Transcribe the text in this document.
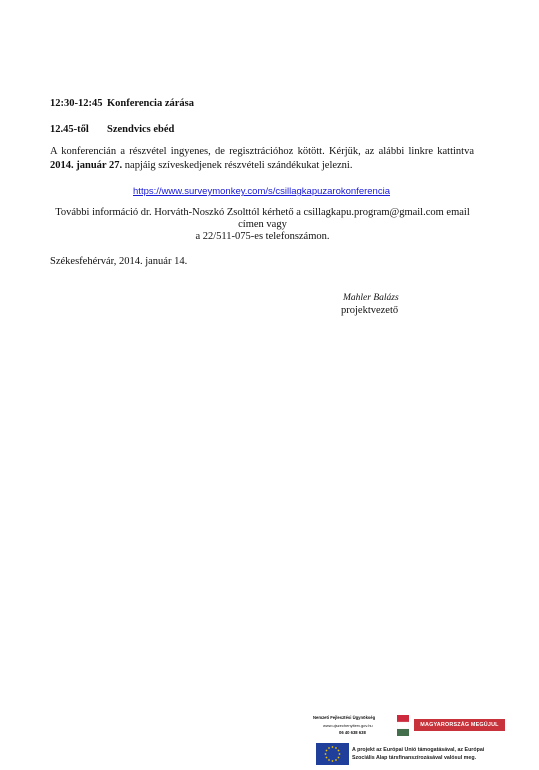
12:30-12:45 Konferencia zárása
12.45-től Szendvics ebéd
A konferencián a részvétel ingyenes, de regisztrációhoz kötött. Kérjük, az alábbi linkre kattintva 2014. január 27. napjáig szíveskedjenek részvételi szándékukat jelezni.
https://www.surveymonkey.com/s/csillagkapuzarokonferencia
További információ dr. Horváth-Noszkó Zsolttól kérhető a csillagkapu.program@gmail.com email
címen vagy
a 22/511-075-es telefonszámon.
Székesfehérvár, 2014. január 14.
Mahler Balázs
projektvezető
Nemzeti Fejlesztési Ügynökség
www.ujszechenyiterv.gov.hu
06 40 638 638
MAGYARORSZÁG MEGÚJUL
A projekt az Európai Unió támogatásával, az Európai
Szociális Alap társfinanszírozásával valósul meg.
